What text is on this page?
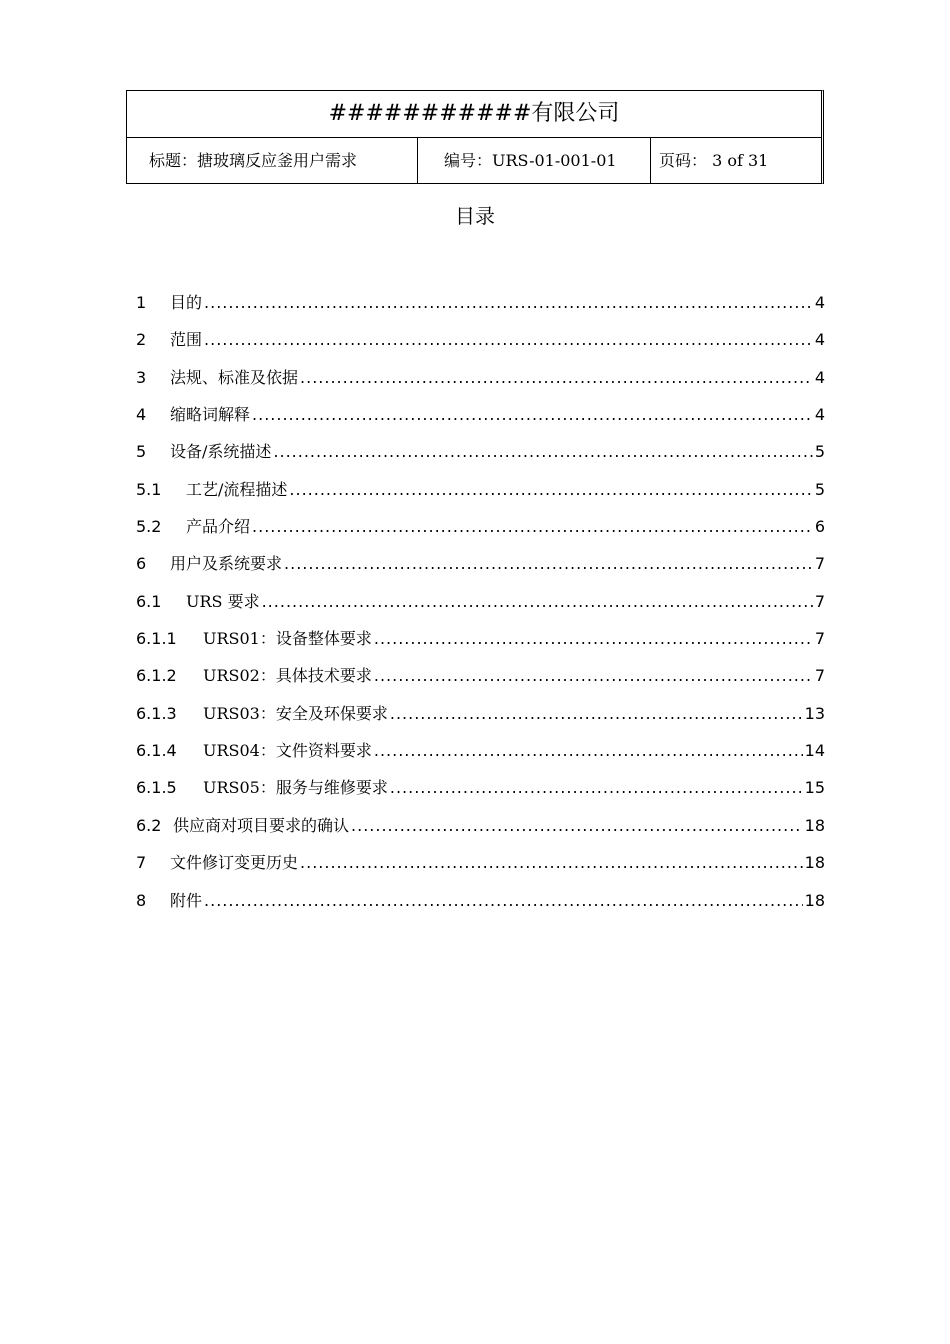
###########有限公司
标题：搪玻璃反应釜用户需求	编号：URS-01-001-01	页码： 3 of 31
目录
1	目的 .....	4
2	范围 .....	4
3	法规、标准及依据 .....	4
4	缩略词解释 .....	4
5	设备/系统描述 .....	5
5.1	工艺/流程描述 .....	5
5.2	产品介绍 .....	6
6	用户及系统要求 .....	7
6.1	URS 要求 .....	7
6.1.1	URS01：设备整体要求 .....	7
6.1.2	URS02：具体技术要求 .....	7
6.1.3	URS03：安全及环保要求 .....	13
6.1.4	URS04：文件资料要求 .....	14
6.1.5	URS05：服务与维修要求 .....	15
6.2 供应商对项目要求的确认 .....	18
7	文件修订变更历史 .....	18
8	附件 .....	18
